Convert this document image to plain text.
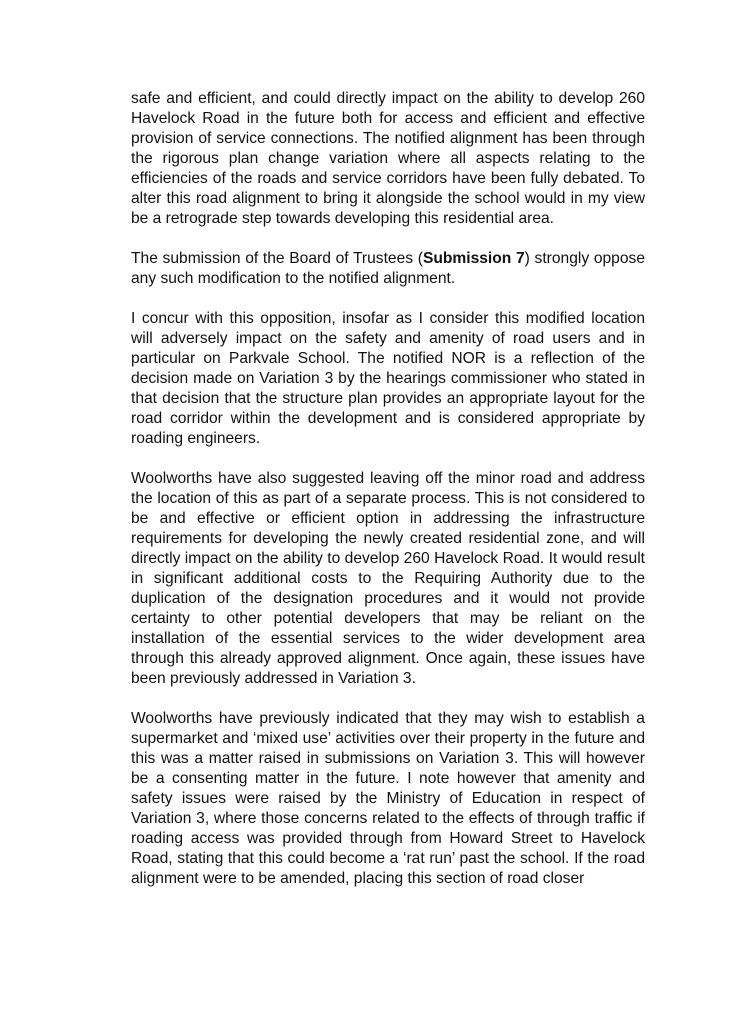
safe and efficient, and could directly impact on the ability to develop 260 Havelock Road in the future both for access and efficient and effective provision of service connections. The notified alignment has been through the rigorous plan change variation where all aspects relating to the efficiencies of the roads and service corridors have been fully debated. To alter this road alignment to bring it alongside the school would in my view be a retrograde step towards developing this residential area.

The submission of the Board of Trustees (Submission 7) strongly oppose any such modification to the notified alignment.

I concur with this opposition, insofar as I consider this modified location will adversely impact on the safety and amenity of road users and in particular on Parkvale School. The notified NOR is a reflection of the decision made on Variation 3 by the hearings commissioner who stated in that decision that the structure plan provides an appropriate layout for the road corridor within the development and is considered appropriate by roading engineers.

Woolworths have also suggested leaving off the minor road and address the location of this as part of a separate process. This is not considered to be and effective or efficient option in addressing the infrastructure requirements for developing the newly created residential zone, and will directly impact on the ability to develop 260 Havelock Road. It would result in significant additional costs to the Requiring Authority due to the duplication of the designation procedures and it would not provide certainty to other potential developers that may be reliant on the installation of the essential services to the wider development area through this already approved alignment. Once again, these issues have been previously addressed in Variation 3.

Woolworths have previously indicated that they may wish to establish a supermarket and ‘mixed use’ activities over their property in the future and this was a matter raised in submissions on Variation 3. This will however be a consenting matter in the future. I note however that amenity and safety issues were raised by the Ministry of Education in respect of Variation 3, where those concerns related to the effects of through traffic if roading access was provided through from Howard Street to Havelock Road, stating that this could become a ‘rat run’ past the school. If the road alignment were to be amended, placing this section of road closer
